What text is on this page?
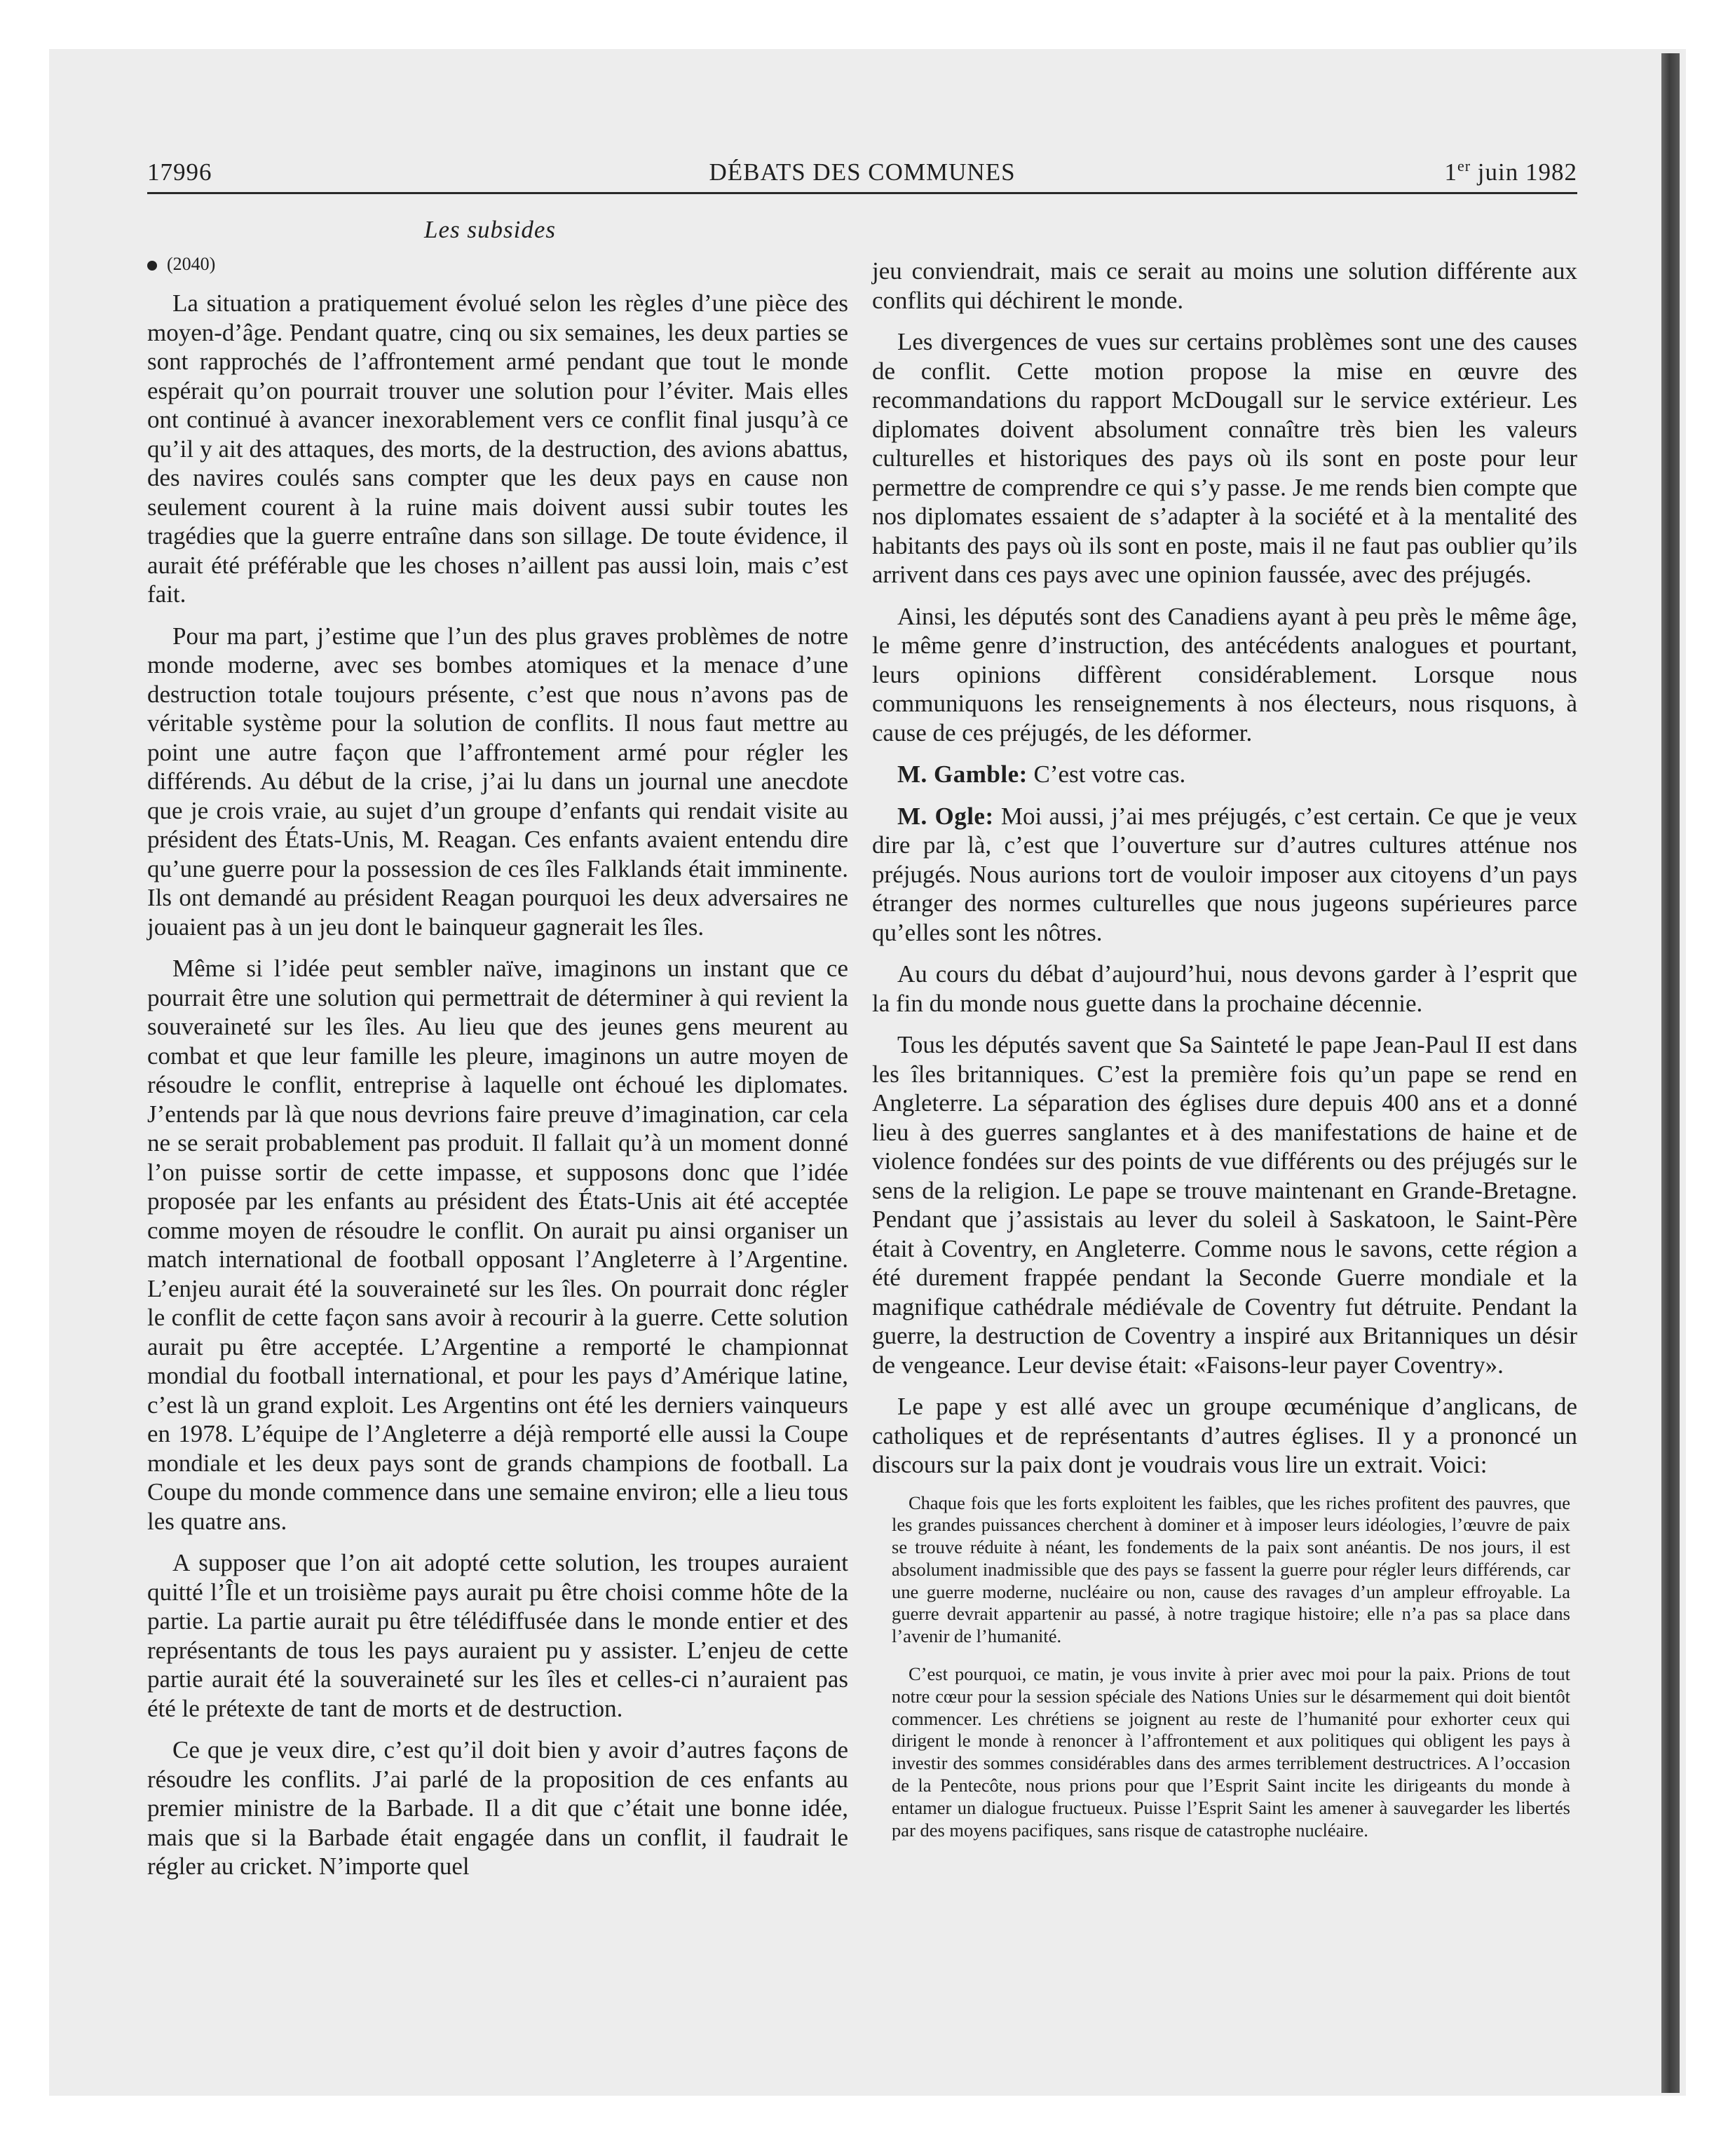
DÉBATS DES COMMUNES
17996	1er juin 1982
Les subsides
(2040)

La situation a pratiquement évolué selon les règles d’une pièce des moyen-d’âge. Pendant quatre, cinq ou six semaines, les deux parties se sont rapprochés de l’affrontement armé pendant que tout le monde espérait qu’on pourrait trouver une solution pour l’éviter. Mais elles ont continué à avancer inexorablement vers ce conflit final jusqu’à ce qu’il y ait des attaques, des morts, de la destruction, des avions abattus, des navires coulés sans compter que les deux pays en cause non seulement courent à la ruine mais doivent aussi subir toutes les tragédies que la guerre entraîne dans son sillage. De toute évidence, il aurait été préférable que les choses n’aillent pas aussi loin, mais c’est fait.

Pour ma part, j’estime que l’un des plus graves problèmes de notre monde moderne, avec ses bombes atomiques et la menace d’une destruction totale toujours présente, c’est que nous n’avons pas de véritable système pour la solution de conflits. Il nous faut mettre au point une autre façon que l’affrontement armé pour régler les différends. Au début de la crise, j’ai lu dans un journal une anecdote que je crois vraie, au sujet d’un groupe d’enfants qui rendait visite au président des États-Unis, M. Reagan. Ces enfants avaient entendu dire qu’une guerre pour la possession de ces îles Falklands était imminente. Ils ont demandé au président Reagan pourquoi les deux adversaires ne jouaient pas à un jeu dont le bainqueur gagnerait les îles.

Même si l’idée peut sembler naïve, imaginons un instant que ce pourrait être une solution qui permettrait de déterminer à qui revient la souveraineté sur les îles. Au lieu que des jeunes gens meurent au combat et que leur famille les pleure, imaginons un autre moyen de résoudre le conflit, entreprise à laquelle ont échoué les diplomates. J’entends par là que nous devrions faire preuve d’imagination, car cela ne se serait probablement pas produit. Il fallait qu’à un moment donné l’on puisse sortir de cette impasse, et supposons donc que l’idée proposée par les enfants au président des États-Unis ait été acceptée comme moyen de résoudre le conflit. On aurait pu ainsi organiser un match international de football opposant l’Angleterre à l’Argentine. L’enjeu aurait été la souveraineté sur les îles. On pourrait donc régler le conflit de cette façon sans avoir à recourir à la guerre. Cette solution aurait pu être acceptée. L’Argentine a remporté le championnat mondial du football international, et pour les pays d’Amérique latine, c’est là un grand exploit. Les Argentins ont été les derniers vainqueurs en 1978. L’équipe de l’Angleterre a déjà remporté elle aussi la Coupe mondiale et les deux pays sont de grands champions de football. La Coupe du monde commence dans une semaine environ; elle a lieu tous les quatre ans.

A supposer que l’on ait adopté cette solution, les troupes auraient quitté l’Île et un troisième pays aurait pu être choisi comme hôte de la partie. La partie aurait pu être télédiffusée dans le monde entier et des représentants de tous les pays auraient pu y assister. L’enjeu de cette partie aurait été la souveraineté sur les îles et celles-ci n’auraient pas été le prétexte de tant de morts et de destruction.

Ce que je veux dire, c’est qu’il doit bien y avoir d’autres façons de résoudre les conflits. J’ai parlé de la proposition de ces enfants au premier ministre de la Barbade. Il a dit que c’était une bonne idée, mais que si la Barbade était engagée dans un conflit, il faudrait le régler au cricket. N’importe quel

jeu conviendrait, mais ce serait au moins une solution différente aux conflits qui déchirent le monde.

Les divergences de vues sur certains problèmes sont une des causes de conflit. Cette motion propose la mise en œuvre des recommandations du rapport McDougall sur le service extérieur. Les diplomates doivent absolument connaître très bien les valeurs culturelles et historiques des pays où ils sont en poste pour leur permettre de comprendre ce qui s’y passe. Je me rends bien compte que nos diplomates essaient de s’adapter à la société et à la mentalité des habitants des pays où ils sont en poste, mais il ne faut pas oublier qu’ils arrivent dans ces pays avec une opinion faussée, avec des préjugés.

Ainsi, les députés sont des Canadiens ayant à peu près le même âge, le même genre d’instruction, des antécédents analogues et pourtant, leurs opinions diffèrent considérablement. Lorsque nous communiquons les renseignements à nos électeurs, nous risquons, à cause de ces préjugés, de les déformer.

M. Gamble: C’est votre cas.

M. Ogle: Moi aussi, j’ai mes préjugés, c’est certain. Ce que je veux dire par là, c’est que l’ouverture sur d’autres cultures atténue nos préjugés. Nous aurions tort de vouloir imposer aux citoyens d’un pays étranger des normes culturelles que nous jugeons supérieures parce qu’elles sont les nôtres.

Au cours du débat d’aujourd’hui, nous devons garder à l’esprit que la fin du monde nous guette dans la prochaine décennie.

Tous les députés savent que Sa Sainteté le pape Jean-Paul II est dans les îles britanniques. C’est la première fois qu’un pape se rend en Angleterre. La séparation des églises dure depuis 400 ans et a donné lieu à des guerres sanglantes et à des manifestations de haine et de violence fondées sur des points de vue différents ou des préjugés sur le sens de la religion. Le pape se trouve maintenant en Grande-Bretagne. Pendant que j’assistais au lever du soleil à Saskatoon, le Saint-Père était à Coventry, en Angleterre. Comme nous le savons, cette région a été durement frappée pendant la Seconde Guerre mondiale et la magnifique cathédrale médiévale de Coventry fut détruite. Pendant la guerre, la destruction de Coventry a inspiré aux Britanniques un désir de vengeance. Leur devise était: «Faisons-leur payer Coventry».

Le pape y est allé avec un groupe œcuménique d’anglicans, de catholiques et de représentants d’autres églises. Il y a prononcé un discours sur la paix dont je voudrais vous lire un extrait. Voici:

Chaque fois que les forts exploitent les faibles, que les riches profitent des pauvres, que les grandes puissances cherchent à dominer et à imposer leurs idéologies, l’œuvre de paix se trouve réduite à néant, les fondements de la paix sont anéantis. De nos jours, il est absolument inadmissible que des pays se fassent la guerre pour régler leurs différends, car une guerre moderne, nucléaire ou non, cause des ravages d’un ampleur effroyable. La guerre devrait appartenir au passé, à notre tragique histoire; elle n’a pas sa place dans l’avenir de l’humanité.

C’est pourquoi, ce matin, je vous invite à prier avec moi pour la paix. Prions de tout notre cœur pour la session spéciale des Nations Unies sur le désarmement qui doit bientôt commencer. Les chrétiens se joignent au reste de l’humanité pour exhorter ceux qui dirigent le monde à renoncer à l’affrontement et aux politiques qui obligent les pays à investir des sommes considérables dans des armes terriblement destructrices. A l’occasion de la Pentecôte, nous prions pour que l’Esprit Saint incite les dirigeants du monde à entamer un dialogue fructueux. Puisse l’Esprit Saint les amener à sauvegarder les libertés par des moyens pacifiques, sans risque de catastrophe nucléaire.
